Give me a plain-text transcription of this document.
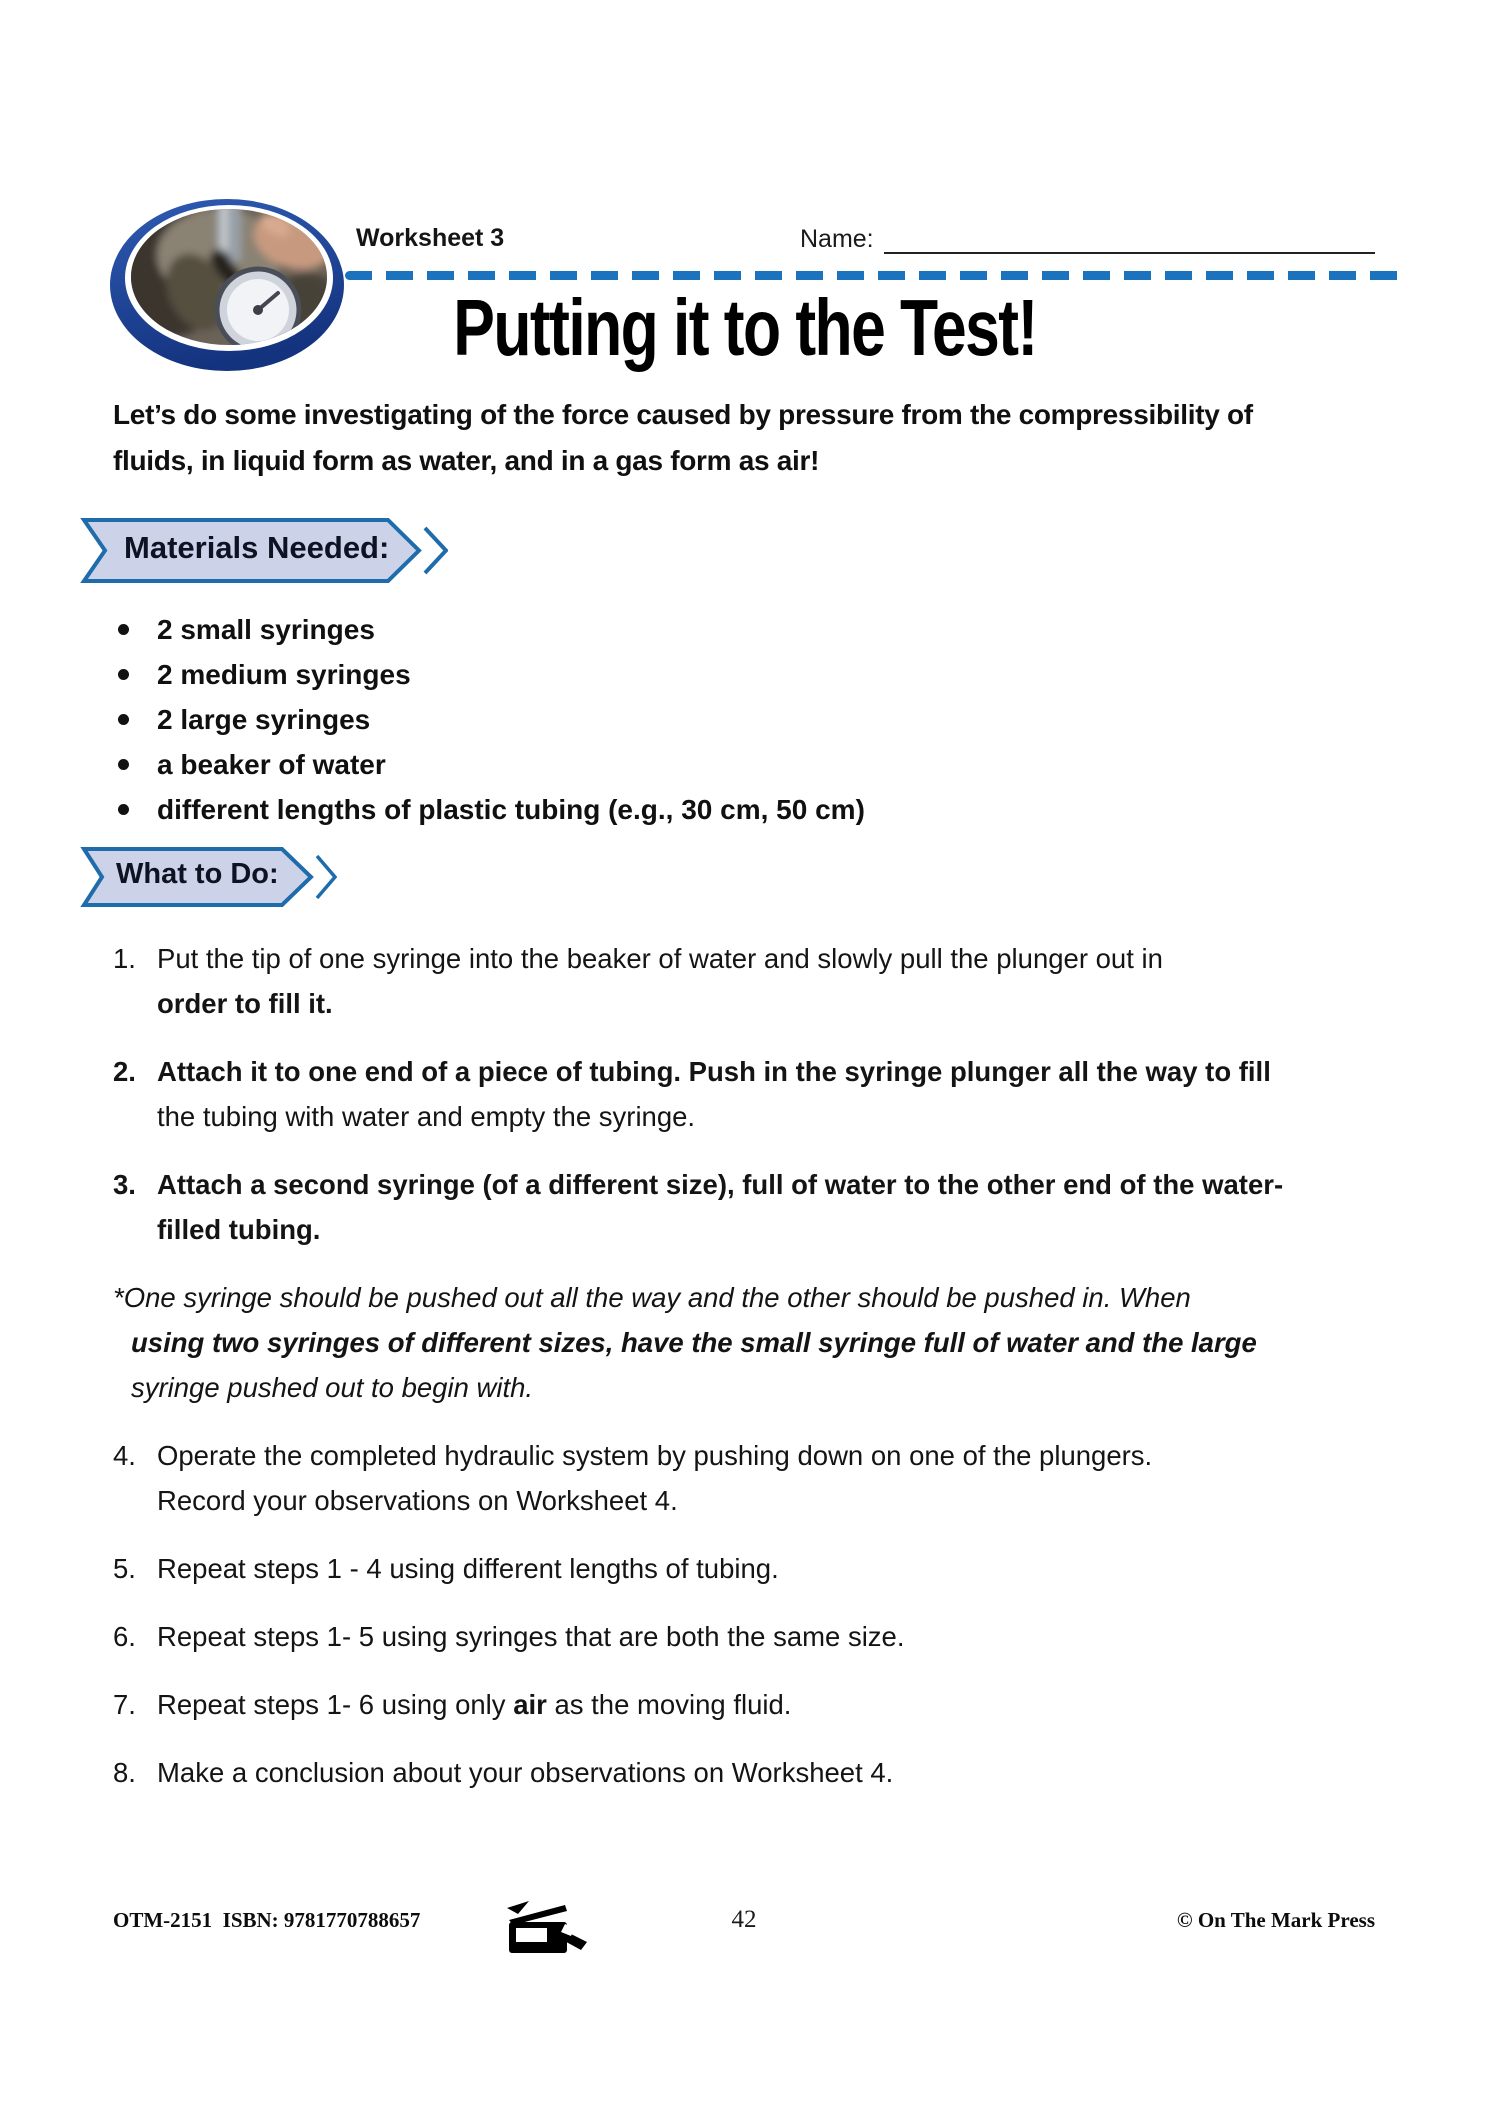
Worksheet 3	Name:
Putting it to the Test!

Let’s do some investigating of the force caused by pressure from the compressibility of
fluids, in liquid form as water, and in a gas form as air!

Materials Needed:
2 small syringes
2 medium syringes
2 large syringes
a beaker of water
different lengths of plastic tubing (e.g., 30 cm, 50 cm)
What to Do:
1. Put the tip of one syringe into the beaker of water and slowly pull the plunger out in
order to fill it.
2. Attach it to one end of a piece of tubing. Push in the syringe plunger all the way to fill
the tubing with water and empty the syringe.
3. Attach a second syringe (of a different size), full of water to the other end of the water-
filled tubing.
*One syringe should be pushed out all the way and the other should be pushed in. When
using two syringes of different sizes, have the small syringe full of water and the large
syringe pushed out to begin with.
4. Operate the completed hydraulic system by pushing down on one of the plungers.
Record your observations on Worksheet 4.
5. Repeat steps 1 - 4 using different lengths of tubing.
6. Repeat steps 1- 5 using syringes that are both the same size.
7. Repeat steps 1- 6 using only air as the moving fluid.
8. Make a conclusion about your observations on Worksheet 4.
OTM-2151  ISBN: 9781770788657	42	© On The Mark Press
